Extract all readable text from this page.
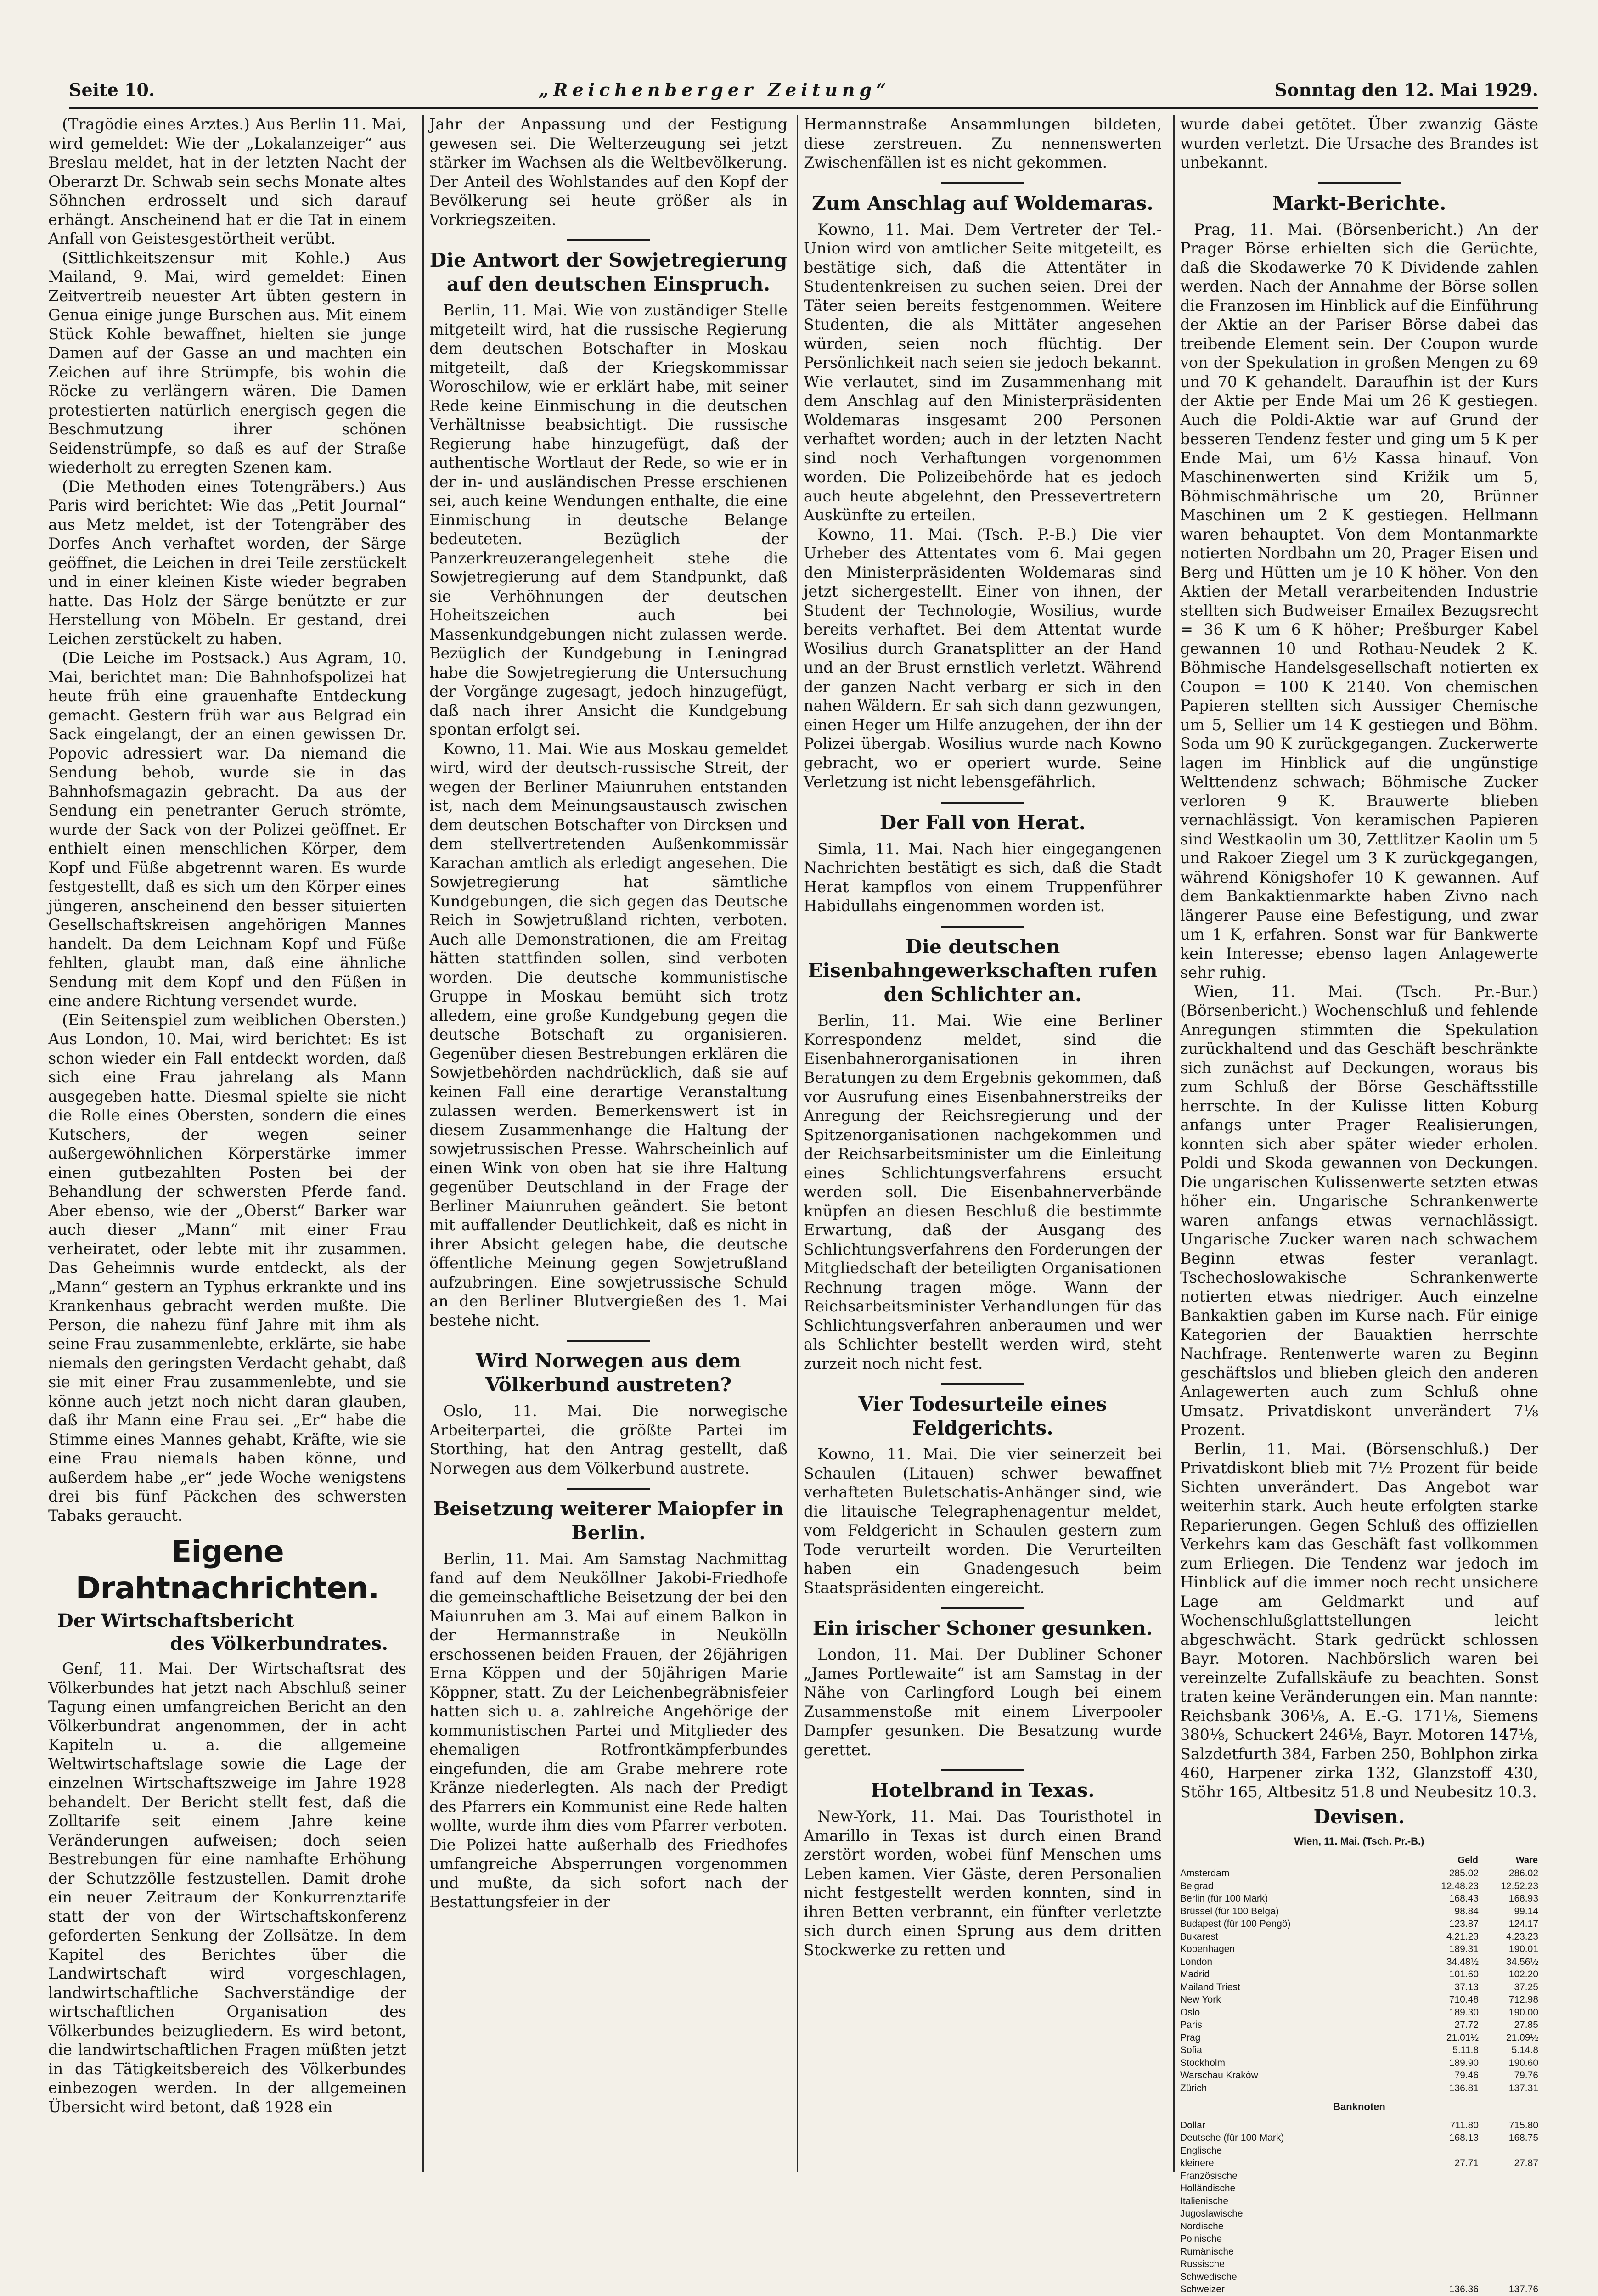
Seite 10.	„Reichenberger Zeitung“	Sonntag den 12. Mai 1929.

(Tragödie eines Arztes.) Aus Berlin 11. Mai, wird gemeldet: Wie der „Lokalanzeiger“ aus Breslau meldet, hat in der letzten Nacht der Oberarzt Dr. Schwab sein sechs Monate altes Söhnchen erdrosselt und sich darauf erhängt. Anscheinend hat er die Tat in einem Anfall von Geistesgestörtheit verübt.

(Sittlichkeitszensur mit Kohle.) Aus Mailand, 9. Mai, wird gemeldet: Einen Zeitvertreib neuester Art übten gestern in Genua einige junge Burschen aus. Mit einem Stück Kohle bewaffnet, hielten sie junge Damen auf der Gasse an und machten ein Zeichen auf ihre Strümpfe, bis wohin die Röcke zu verlängern wären. Die Damen protestierten natürlich energisch gegen die Beschmutzung ihrer schönen Seidenstrümpfe, so daß es auf der Straße wiederholt zu erregten Szenen kam.

(Die Methoden eines Totengräbers.) Aus Paris wird berichtet: Wie das „Petit Journal“ aus Metz meldet, ist der Totengräber des Dorfes Anch verhaftet worden, der Särge geöffnet, die Leichen in drei Teile zerstückelt und in einer kleinen Kiste wieder begraben hatte. Das Holz der Särge benützte er zur Herstellung von Möbeln. Er gestand, drei Leichen zerstückelt zu haben.

(Die Leiche im Postsack.) Aus Agram, 10. Mai, berichtet man: Die Bahnhofspolizei hat heute früh eine grauenhafte Entdeckung gemacht. Gestern früh war aus Belgrad ein Sack eingelangt, der an einen gewissen Dr. Popovic adressiert war. Da niemand die Sendung behob, wurde sie in das Bahnhofsmagazin gebracht. Da aus der Sendung ein penetranter Geruch strömte, wurde der Sack von der Polizei geöffnet. Er enthielt einen menschlichen Körper, dem Kopf und Füße abgetrennt waren. Es wurde festgestellt, daß es sich um den Körper eines jüngeren, anscheinend den besser situierten Gesellschaftskreisen angehörigen Mannes handelt. Da dem Leichnam Kopf und Füße fehlten, glaubt man, daß eine ähnliche Sendung mit dem Kopf und den Füßen in eine andere Richtung versendet wurde.

(Ein Seitenspiel zum weiblichen Obersten.) Aus London, 10. Mai, wird berichtet: Es ist schon wieder ein Fall entdeckt worden, daß sich eine Frau jahrelang als Mann ausgegeben hatte. Diesmal spielte sie nicht die Rolle eines Obersten, sondern die eines Kutschers, der wegen seiner außergewöhnlichen Körperstärke immer einen gutbezahlten Posten bei der Behandlung der schwersten Pferde fand. Aber ebenso, wie der „Oberst“ Barker war auch dieser „Mann“ mit einer Frau verheiratet, oder lebte mit ihr zusammen. Das Geheimnis wurde entdeckt, als der „Mann“ gestern an Typhus erkrankte und ins Krankenhaus gebracht werden mußte. Die Person, die nahezu fünf Jahre mit ihm als seine Frau zusammenlebte, erklärte, sie habe niemals den geringsten Verdacht gehabt, daß sie mit einer Frau zusammenlebte, und sie könne auch jetzt noch nicht daran glauben, daß ihr Mann eine Frau sei. „Er“ habe die Stimme eines Mannes gehabt, Kräfte, wie sie eine Frau niemals haben könne, und außerdem habe „er“ jede Woche wenigstens drei bis fünf Päckchen des schwersten Tabaks geraucht.

Eigene Drahtnachrichten.
Der Wirtschaftsbericht
des Völkerbundrates.

Genf, 11. Mai. Der Wirtschaftsrat des Völkerbundes hat jetzt nach Abschluß seiner Tagung einen umfangreichen Bericht an den Völkerbundrat angenommen, der in acht Kapiteln u. a. die allgemeine Weltwirtschaftslage sowie die Lage der einzelnen Wirtschaftszweige im Jahre 1928 behandelt. Der Bericht stellt fest, daß die Zolltarife seit einem Jahre keine Veränderungen aufweisen; doch seien Bestrebungen für eine namhafte Erhöhung der Schutzzölle festzustellen. Damit drohe ein neuer Zeitraum der Konkurrenztarife statt der von der Wirtschaftskonferenz geforderten Senkung der Zollsätze. In dem Kapitel des Berichtes über die Landwirtschaft wird vorgeschlagen, landwirtschaftliche Sachverständige der wirtschaftlichen Organisation des Völkerbundes beizugliedern. Es wird betont, die landwirtschaftlichen Fragen müßten jetzt in das Tätigkeitsbereich des Völkerbundes einbezogen werden. In der allgemeinen Übersicht wird betont, daß 1928 ein

Jahr der Anpassung und der Festigung gewesen sei. Die Welterzeugung sei jetzt stärker im Wachsen als die Weltbevölkerung. Der Anteil des Wohlstandes auf den Kopf der Bevölkerung sei heute größer als in Vorkriegszeiten.

Die Antwort der Sowjetregierung auf den deutschen Einspruch.

Berlin, 11. Mai. Wie von zuständiger Stelle mitgeteilt wird, hat die russische Regierung dem deutschen Botschafter in Moskau mitgeteilt, daß der Kriegskommissar Woroschilow, wie er erklärt habe, mit seiner Rede keine Einmischung in die deutschen Verhältnisse beabsichtigt. Die russische Regierung habe hinzugefügt, daß der authentische Wortlaut der Rede, so wie er in der in- und ausländischen Presse erschienen sei, auch keine Wendungen enthalte, die eine Einmischung in deutsche Belange bedeuteten. Bezüglich der Panzerkreuzerangelegenheit stehe die Sowjetregierung auf dem Standpunkt, daß sie Verhöhnungen der deutschen Hoheitszeichen auch bei Massenkundgebungen nicht zulassen werde. Bezüglich der Kundgebung in Leningrad habe die Sowjetregierung die Untersuchung der Vorgänge zugesagt, jedoch hinzugefügt, daß nach ihrer Ansicht die Kundgebung spontan erfolgt sei.

Kowno, 11. Mai. Wie aus Moskau gemeldet wird, wird der deutsch-russische Streit, der wegen der Berliner Maiunruhen entstanden ist, nach dem Meinungsaustausch zwischen dem deutschen Botschafter von Dircksen und dem stellvertretenden Außenkommissär Karachan amtlich als erledigt angesehen. Die Sowjetregierung hat sämtliche Kundgebungen, die sich gegen das Deutsche Reich in Sowjetrußland richten, verboten. Auch alle Demonstrationen, die am Freitag hätten stattfinden sollen, sind verboten worden. Die deutsche kommunistische Gruppe in Moskau bemüht sich trotz alledem, eine große Kundgebung gegen die deutsche Botschaft zu organisieren. Gegenüber diesen Bestrebungen erklären die Sowjetbehörden nachdrücklich, daß sie auf keinen Fall eine derartige Veranstaltung zulassen werden. Bemerkenswert ist in diesem Zusammenhange die Haltung der sowjetrussischen Presse. Wahrscheinlich auf einen Wink von oben hat sie ihre Haltung gegenüber Deutschland in der Frage der Berliner Maiunruhen geändert. Sie betont mit auffallender Deutlichkeit, daß es nicht in ihrer Absicht gelegen habe, die deutsche öffentliche Meinung gegen Sowjetrußland aufzubringen. Eine sowjetrussische Schuld an den Berliner Blutvergießen des 1. Mai bestehe nicht.

Wird Norwegen aus dem Völkerbund austreten?

Oslo, 11. Mai. Die norwegische Arbeiterpartei, die größte Partei im Storthing, hat den Antrag gestellt, daß Norwegen aus dem Völkerbund austrete.

Beisetzung weiterer Maiopfer in Berlin.

Berlin, 11. Mai. Am Samstag Nachmittag fand auf dem Neuköllner Jakobi-Friedhofe die gemeinschaftliche Beisetzung der bei den Maiunruhen am 3. Mai auf einem Balkon in der Hermannstraße in Neukölln erschossenen beiden Frauen, der 26jährigen Erna Köppen und der 50jährigen Marie Köppner, statt. Zu der Leichenbegräbnisfeier hatten sich u. a. zahlreiche Angehörige der kommunistischen Partei und Mitglieder des ehemaligen Rotfrontkämpferbundes eingefunden, die am Grabe mehrere rote Kränze niederlegten. Als nach der Predigt des Pfarrers ein Kommunist eine Rede halten wollte, wurde ihm dies vom Pfarrer verboten. Die Polizei hatte außerhalb des Friedhofes umfangreiche Absperrungen vorgenommen und mußte, da sich sofort nach der Bestattungsfeier in der

Hermannstraße Ansammlungen bildeten, diese zerstreuen. Zu nennenswerten Zwischenfällen ist es nicht gekommen.

Zum Anschlag auf Woldemaras.

Kowno, 11. Mai. Dem Vertreter der Tel.-Union wird von amtlicher Seite mitgeteilt, es bestätige sich, daß die Attentäter in Studentenkreisen zu suchen seien. Drei der Täter seien bereits festgenommen. Weitere Studenten, die als Mittäter angesehen würden, seien noch flüchtig. Der Persönlichkeit nach seien sie jedoch bekannt. Wie verlautet, sind im Zusammenhang mit dem Anschlag auf den Ministerpräsidenten Woldemaras insgesamt 200 Personen verhaftet worden; auch in der letzten Nacht sind noch Verhaftungen vorgenommen worden. Die Polizeibehörde hat es jedoch auch heute abgelehnt, den Pressevertretern Auskünfte zu erteilen.

Kowno, 11. Mai. (Tsch. P.-B.) Die vier Urheber des Attentates vom 6. Mai gegen den Ministerpräsidenten Woldemaras sind jetzt sichergestellt. Einer von ihnen, der Student der Technologie, Wosilius, wurde bereits verhaftet. Bei dem Attentat wurde Wosilius durch Granatsplitter an der Hand und an der Brust ernstlich verletzt. Während der ganzen Nacht verbarg er sich in den nahen Wäldern. Er sah sich dann gezwungen, einen Heger um Hilfe anzugehen, der ihn der Polizei übergab. Wosilius wurde nach Kowno gebracht, wo er operiert wurde. Seine Verletzung ist nicht lebensgefährlich.

Der Fall von Herat.

Simla, 11. Mai. Nach hier eingegangenen Nachrichten bestätigt es sich, daß die Stadt Herat kampflos von einem Truppenführer Habidullahs eingenommen worden ist.

Die deutschen Eisenbahngewerkschaften rufen den Schlichter an.

Berlin, 11. Mai. Wie eine Berliner Korrespondenz meldet, sind die Eisenbahnerorganisationen in ihren Beratungen zu dem Ergebnis gekommen, daß vor Ausrufung eines Eisenbahnerstreiks der Anregung der Reichsregierung und der Spitzenorganisationen nachgekommen und der Reichsarbeitsminister um die Einleitung eines Schlichtungsverfahrens ersucht werden soll. Die Eisenbahnerverbände knüpfen an diesen Beschluß die bestimmte Erwartung, daß der Ausgang des Schlichtungsverfahrens den Forderungen der Mitgliedschaft der beteiligten Organisationen Rechnung tragen möge. Wann der Reichsarbeitsminister Verhandlungen für das Schlichtungsverfahren anberaumen und wer als Schlichter bestellt werden wird, steht zurzeit noch nicht fest.

Vier Todesurteile eines Feldgerichts.

Kowno, 11. Mai. Die vier seinerzeit bei Schaulen (Litauen) schwer bewaffnet verhafteten Buletschatis-Anhänger sind, wie die litauische Telegraphenagentur meldet, vom Feldgericht in Schaulen gestern zum Tode verurteilt worden. Die Verurteilten haben ein Gnadengesuch beim Staatspräsidenten eingereicht.

Ein irischer Schoner gesunken.

London, 11. Mai. Der Dubliner Schoner „James Portlewaite“ ist am Samstag in der Nähe von Carlingford Lough bei einem Zusammenstoße mit einem Liverpooler Dampfer gesunken. Die Besatzung wurde gerettet.

Hotelbrand in Texas.

New-York, 11. Mai. Das Touristhotel in Amarillo in Texas ist durch einen Brand zerstört worden, wobei fünf Menschen ums Leben kamen. Vier Gäste, deren Personalien nicht festgestellt werden konnten, sind in ihren Betten verbrannt, ein fünfter verletzte sich durch einen Sprung aus dem dritten Stockwerke zu retten und

wurde dabei getötet. Über zwanzig Gäste wurden verletzt. Die Ursache des Brandes ist unbekannt.

Markt-Berichte.

Prag, 11. Mai. (Börsenbericht.) An der Prager Börse erhielten sich die Gerüchte, daß die Skodawerke 70 K Dividende zahlen werden. Nach der Annahme der Börse sollen die Franzosen im Hinblick auf die Einführung der Aktie an der Pariser Börse dabei das treibende Element sein. Der Coupon wurde von der Spekulation in großen Mengen zu 69 und 70 K gehandelt. Daraufhin ist der Kurs der Aktie per Ende Mai um 26 K gestiegen. Auch die Poldi-Aktie war auf Grund der besseren Tendenz fester und ging um 5 K per Ende Mai, um 6½ Kassa hinauf. Von Maschinenwerten sind Križik um 5, Böhmischmährische um 20, Brünner Maschinen um 2 K gestiegen. Hellmann waren behauptet. Von dem Montanmarkte notierten Nordbahn um 20, Prager Eisen und Berg und Hütten um je 10 K höher. Von den Aktien der Metall verarbeitenden Industrie stellten sich Budweiser Emailex Bezugsrecht = 36 K um 6 K höher; Prešburger Kabel gewannen 10 und Rothau-Neudek 2 K. Böhmische Handelsgesellschaft notierten ex Coupon = 100 K 2140. Von chemischen Papieren stellten sich Aussiger Chemische um 5, Sellier um 14 K gestiegen und Böhm. Soda um 90 K zurückgegangen. Zuckerwerte lagen im Hinblick auf die ungünstige Welttendenz schwach; Böhmische Zucker verloren 9 K. Brauwerte blieben vernachlässigt. Von keramischen Papieren sind Westkaolin um 30, Zettlitzer Kaolin um 5 und Rakoer Ziegel um 3 K zurückgegangen, während Königshofer 10 K gewannen. Auf dem Bankaktienmarkte haben Zivno nach längerer Pause eine Befestigung, und zwar um 1 K, erfahren. Sonst war für Bankwerte kein Interesse; ebenso lagen Anlagewerte sehr ruhig.

Wien, 11. Mai. (Tsch. Pr.-Bur.) (Börsenbericht.) Wochenschluß und fehlende Anregungen stimmten die Spekulation zurückhaltend und das Geschäft beschränkte sich zunächst auf Deckungen, woraus bis zum Schluß der Börse Geschäftsstille herrschte. In der Kulisse litten Koburg anfangs unter Prager Realisierungen, konnten sich aber später wieder erholen. Poldi und Skoda gewannen von Deckungen. Die ungarischen Kulissenwerte setzten etwas höher ein. Ungarische Schrankenwerte waren anfangs etwas vernachlässigt. Ungarische Zucker waren nach schwachem Beginn etwas fester veranlagt. Tschechoslowakische Schrankenwerte notierten etwas niedriger. Auch einzelne Bankaktien gaben im Kurse nach. Für einige Kategorien der Bauaktien herrschte Nachfrage. Rentenwerte waren zu Beginn geschäftslos und blieben gleich den anderen Anlagewerten auch zum Schluß ohne Umsatz. Privatdiskont unverändert 7⅛ Prozent.

Berlin, 11. Mai. (Börsenschluß.) Der Privatdiskont blieb mit 7½ Prozent für beide Sichten unverändert. Das Angebot war weiterhin stark. Auch heute erfolgten starke Reparierungen. Gegen Schluß des offiziellen Verkehrs kam das Geschäft fast vollkommen zum Erliegen. Die Tendenz war jedoch im Hinblick auf die immer noch recht unsichere Lage am Geldmarkt und auf Wochenschlußglattstellungen leicht abgeschwächt. Stark gedrückt schlossen Bayr. Motoren. Nachbörslich waren bei vereinzelte Zufallskäufe zu beachten. Sonst traten keine Veränderungen ein. Man nannte: Reichsbank 306⅛, A. E.-G. 171⅛, Siemens 380⅛, Schuckert 246⅛, Bayr. Motoren 147⅛, Salzdetfurth 384, Farben 250, Bohlphon zirka 460, Harpener zirka 132, Glanzstoff 430, Stöhr 165, Altbesitz 51.8 und Neubesitz 10.3.

Devisen.
Wien, 11. Mai. (Tsch. Pr.-B.)
	Geld	Ware
Amsterdam	285.02	286.02
Belgrad	12.48.23	12.52.23
Berlin (für 100 Mark)	168.43	168.93
Brüssel (für 100 Belga)	98.84	99.14
Budapest (für 100 Pengö)	123.87	124.17
Bukarest	4.21.23	4.23.23
Kopenhagen	189.31	190.01
London	34.48½	34.56½
Madrid	101.60	102.20
Mailand Triest	37.13	37.25
New York	710.48	712.98
Oslo	189.30	190.00
Paris	27.72	27.85
Prag	21.01½	21.09½
Sofia	5.11.8	5.14.8
Stockholm	189.90	190.60
Warschau Kraków	79.46	79.76
Zürich	136.81	137.31
Banknoten
Dollar	711.80	715.80
Deutsche (für 100 Mark)	168.13	168.75
Englische		
kleinere	27.71	27.87
Französische		
Holländische		
Italienische		
Jugoslawische		
Nordische		
Polnische		
Rumänische		
Russische		
Schwedische		
Schweizer	136.36	137.76
